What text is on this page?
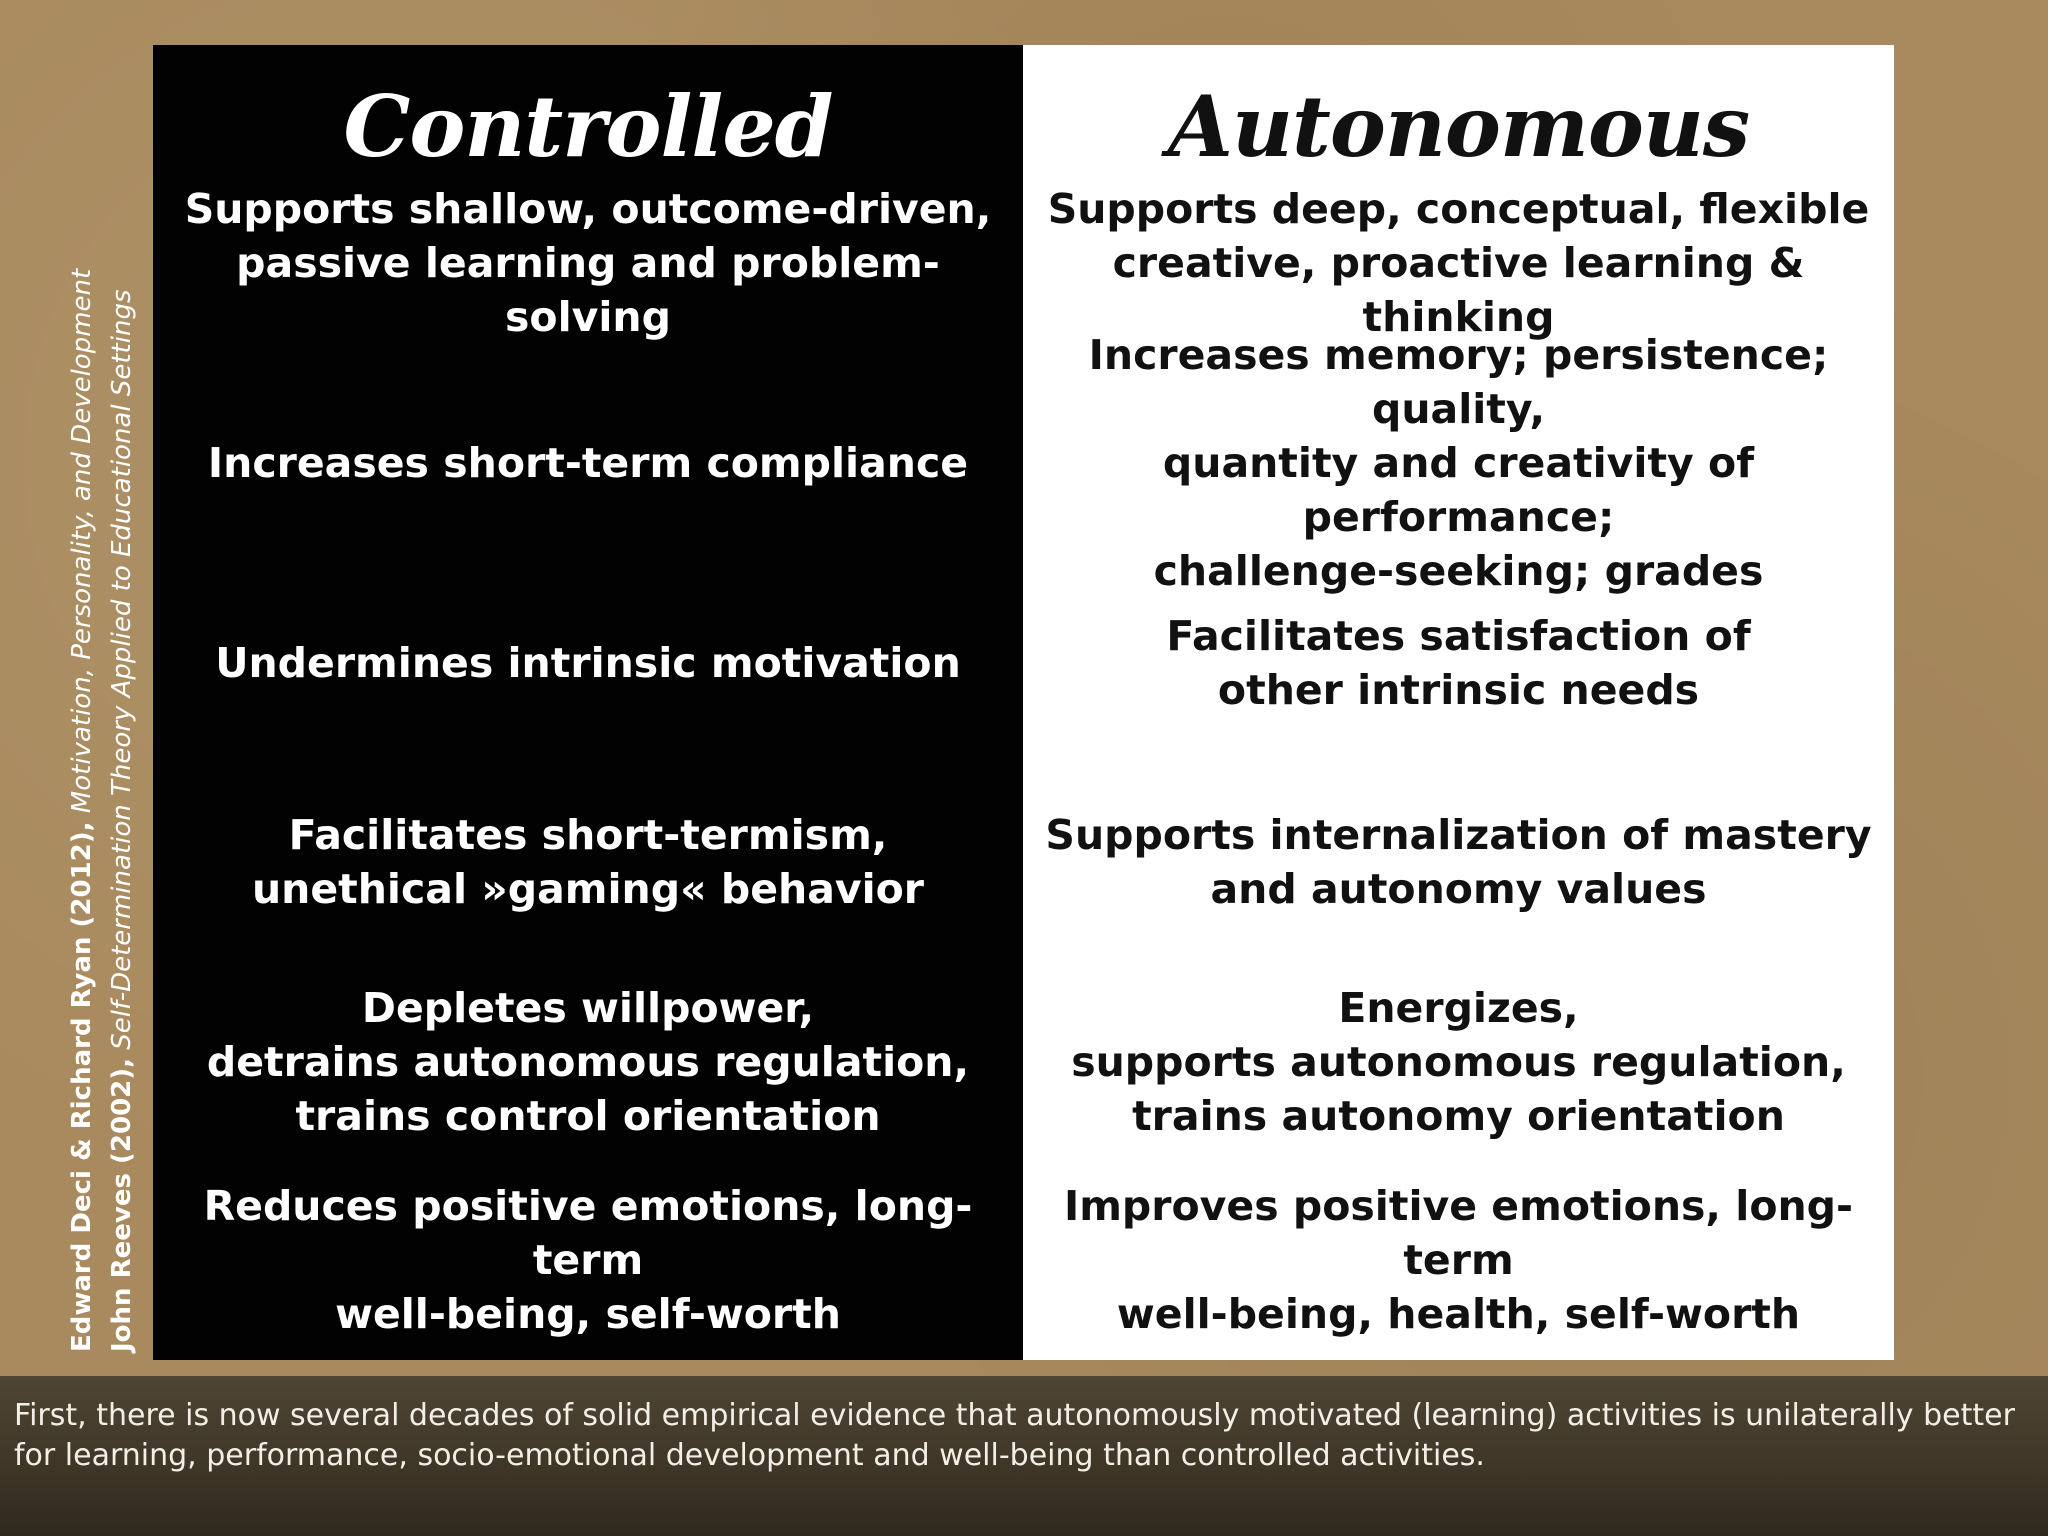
Controlled
Supports shallow, outcome-driven,
passive learning and problem-solving
Increases short-term compliance
Undermines intrinsic motivation
Facilitates short-termism,
unethical »gaming« behavior
Depletes willpower,
detrains autonomous regulation,
trains control orientation
Reduces positive emotions, long-term
well-being, self-worth
Autonomous
Supports deep, conceptual, flexible
creative, proactive learning & thinking
Increases memory; persistence; quality,
quantity and creativity of performance;
challenge-seeking; grades
Facilitates satisfaction of
other intrinsic needs
Supports internalization of mastery
and autonomy values
Energizes,
supports autonomous regulation,
trains autonomy orientation
Improves positive emotions, long-term
well-being, health, self-worth
Edward Deci & Richard Ryan (2012), Motivation, Personality, and Development
John Reeves (2002), Self-Determination Theory Applied to Educational Settings
First, there is now several decades of solid empirical evidence that autonomously motivated (learning) activities is unilaterally better for learning, performance, socio-emotional development and well-being than controlled activities.
